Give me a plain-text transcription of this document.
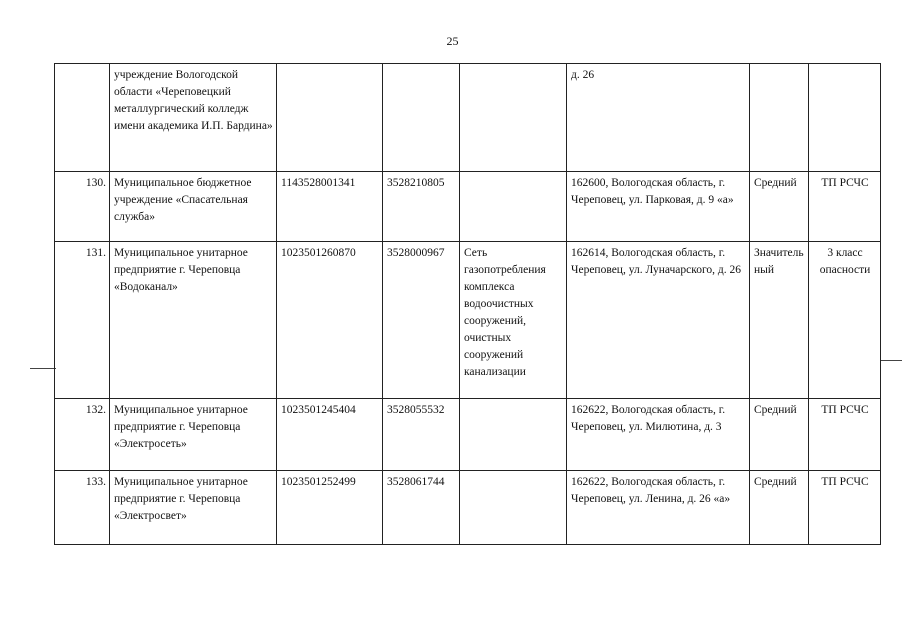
25
	учреждение Вологодской области «Череповецкий металлургический колледж имени академика И.П. Бардина»				д. 26		
130.	Муниципальное бюджетное учреждение «Спасательная служба»	1143528001341	3528210805		162600, Вологодская область, г. Череповец, ул. Парковая, д. 9 «а»	Средний	ТП РСЧС
131.	Муниципальное унитарное предприятие г. Череповца «Водоканал»	1023501260870	3528000967	Сеть газопотребления комплекса водоочистных сооружений, очистных сооружений канализации	162614, Вологодская область, г. Череповец, ул. Луначарского, д. 26	Значительный	3 класс опасности
132.	Муниципальное унитарное предприятие г. Череповца «Электросеть»	1023501245404	3528055532		162622, Вологодская область, г. Череповец, ул. Милютина, д. 3	Средний	ТП РСЧС
133.	Муниципальное унитарное предприятие г. Череповца «Электросвет»	1023501252499	3528061744		162622, Вологодская область, г. Череповец, ул. Ленина, д. 26 «а»	Средний	ТП РСЧС
